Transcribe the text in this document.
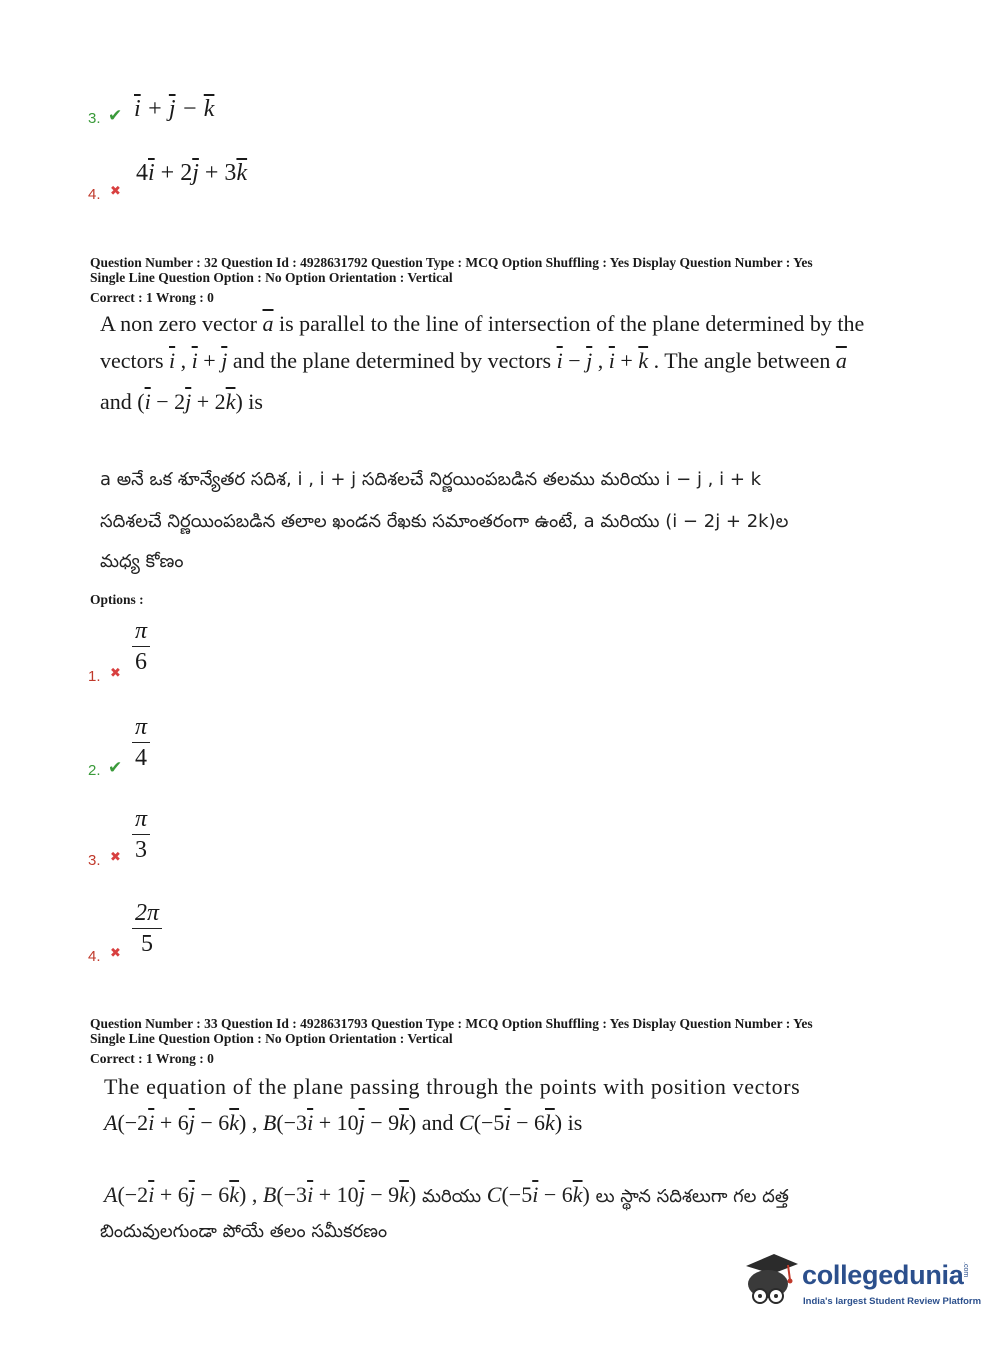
3. ✔ $\overline{i} + \overline{j} - \overline{k}$
4. ✖
$4\overline{i} + 2\overline{j} + 3\overline{k}$
Question Number : 32 Question Id : 4928631792 Question Type : MCQ Option Shuffling : Yes Display Question Number : Yes
Single Line Question Option : No Option Orientation : Vertical
Correct : 1 Wrong : 0
A non zero vector $\overline{a}$ is parallel to the line of intersection of the plane determined by the
vectors $\overline{i}$ , $\overline{i} + \overline{j}$ and the plane determined by vectors $\overline{i} - \overline{j}$ , $\overline{i} + \overline{k}$ . The angle between $\overline{a}$
and $(\overline{i} - 2\overline{j} + 2\overline{k})$ is
a అనే ఒక శూన్యేతర సదిశ, i , i + j సదిశలచే నిర్ణయింపబడిన తలము మరియు i − j , i + k
సదిశలచే నిర్ణయింపబడిన తలాల ఖండన రేఖకు సమాంతరంగా ఉంటే, a మరియు (i − 2j + 2k)ల
మధ్య కోణం
Options :
1. ✖ $\frac{\pi}{6}$
2. ✔ $\frac{\pi}{4}$
3. ✖ $\frac{\pi}{3}$
4. ✖ $\frac{2\pi}{5}$
Question Number : 33 Question Id : 4928631793 Question Type : MCQ Option Shuffling : Yes Display Question Number : Yes
Single Line Question Option : No Option Orientation : Vertical
Correct : 1 Wrong : 0
The equation of the plane passing through the points with position vectors
$A(-2\overline{i} + 6\overline{j} - 6\overline{k})$ , $B(-3\overline{i} + 10\overline{j} - 9\overline{k})$ and $C(-5\overline{i} - 6\overline{k})$ is
$A(-2\overline{i} + 6\overline{j} - 6\overline{k})$ , $B(-3\overline{i} + 10\overline{j} - 9\overline{k})$ మరియు $C(-5\overline{i} - 6\overline{k})$ లు స్థాన సదిశలుగా గల దత్త
బిందువులగుండా పోయే తలం సమీకరణం
collegedunia
.com
India's largest Student Review Platform
